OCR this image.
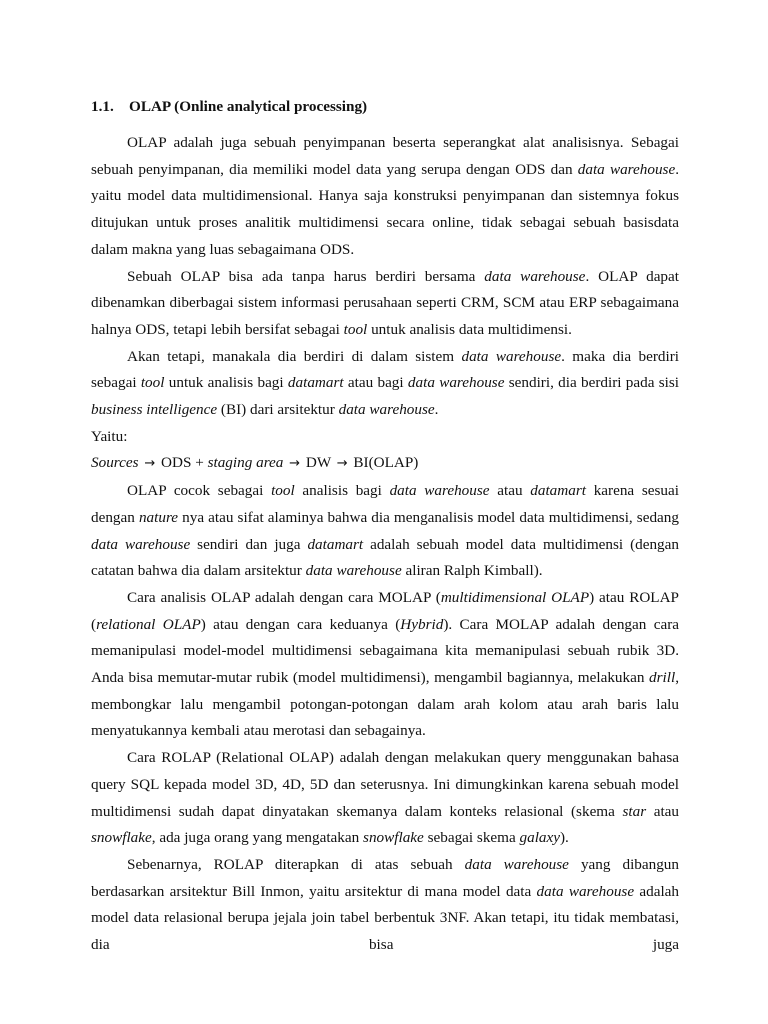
1.1. OLAP (Online analytical processing)

OLAP adalah juga sebuah penyimpanan beserta seperangkat alat analisisnya. Sebagai sebuah penyimpanan, dia memiliki model data yang serupa dengan ODS dan data warehouse. yaitu model data multidimensional. Hanya saja konstruksi penyimpanan dan sistemnya fokus ditujukan untuk proses analitik multidimensi secara online, tidak sebagai sebuah basisdata dalam makna yang luas sebagaimana ODS.

Sebuah OLAP bisa ada tanpa harus berdiri bersama data warehouse. OLAP dapat dibenamkan diberbagai sistem informasi perusahaan seperti CRM, SCM atau ERP sebagaimana halnya ODS, tetapi lebih bersifat sebagai tool untuk analisis data multidimensi.

Akan tetapi, manakala dia berdiri di dalam sistem data warehouse. maka dia berdiri sebagai tool untuk analisis bagi datamart atau bagi data warehouse sendiri, dia berdiri pada sisi business intelligence (BI) dari arsitektur data warehouse.

Yaitu:

Sources → ODS + staging area → DW → BI(OLAP)

OLAP cocok sebagai tool analisis bagi data warehouse atau datamart karena sesuai dengan nature nya atau sifat alaminya bahwa dia menganalisis model data multidimensi, sedang data warehouse sendiri dan juga datamart adalah sebuah model data multidimensi (dengan catatan bahwa dia dalam arsitektur data warehouse aliran Ralph Kimball).

Cara analisis OLAP adalah dengan cara MOLAP (multidimensional OLAP) atau ROLAP (relational OLAP) atau dengan cara keduanya (Hybrid). Cara MOLAP adalah dengan cara memanipulasi model-model multidimensi sebagaimana kita memanipulasi sebuah rubik 3D. Anda bisa memutar-mutar rubik (model multidimensi), mengambil bagiannya, melakukan drill, membongkar lalu mengambil potongan-potongan dalam arah kolom atau arah baris lalu menyatukannya kembali atau merotasi dan sebagainya.

Cara ROLAP (Relational OLAP) adalah dengan melakukan query menggunakan bahasa query SQL kepada model 3D, 4D, 5D dan seterusnya. Ini dimungkinkan karena sebuah model multidimensi sudah dapat dinyatakan skemanya dalam konteks relasional (skema star atau snowflake, ada juga orang yang mengatakan snowflake sebagai skema galaxy).

Sebenarnya, ROLAP diterapkan di atas sebuah data warehouse yang dibangun berdasarkan arsitektur Bill Inmon, yaitu arsitektur di mana model data data warehouse adalah model data relasional berupa jejala join tabel berbentuk 3NF. Akan tetapi, itu tidak membatasi, dia bisa juga
